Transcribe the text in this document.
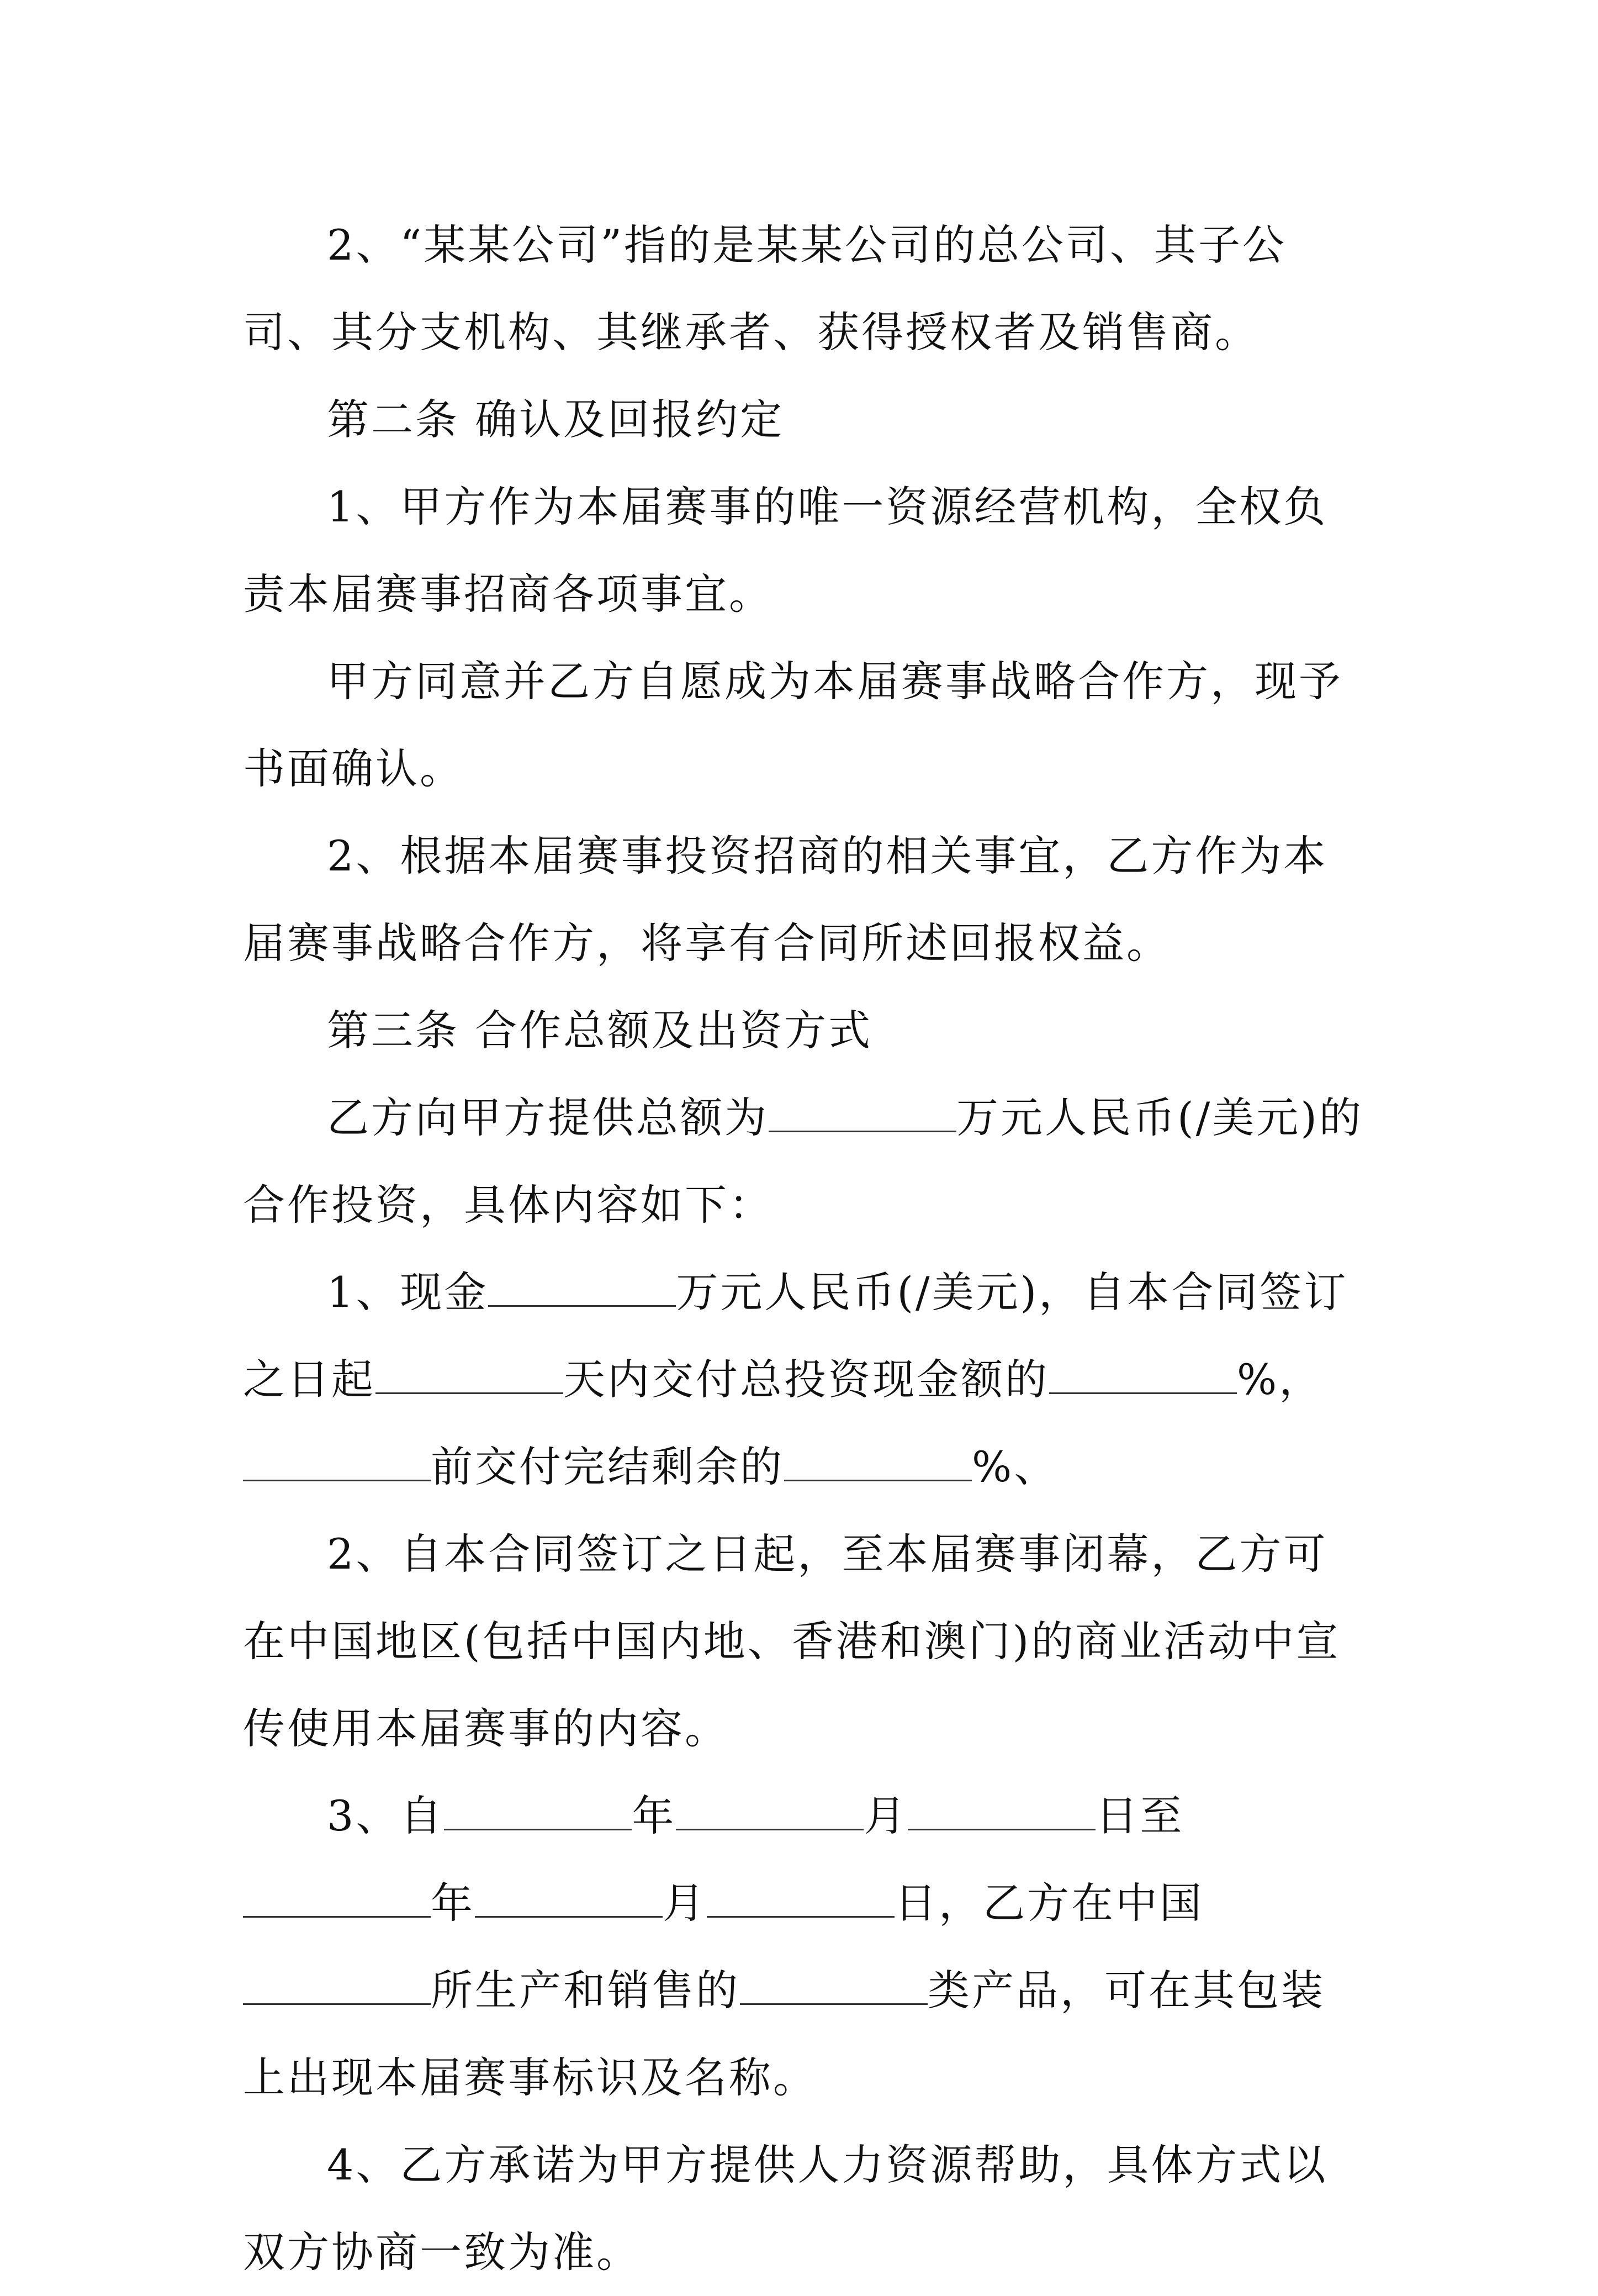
2、“某某公司”指的是某某公司的总公司、其子公司、其分支机构、其继承者、获得授权者及销售商。

第二条 确认及回报约定

1、甲方作为本届赛事的唯一资源经营机构，全权负责本届赛事招商各项事宜。

甲方同意并乙方自愿成为本届赛事战略合作方，现予书面确认。

2、根据本届赛事投资招商的相关事宜，乙方作为本届赛事战略合作方，将享有合同所述回报权益。

第三条 合作总额及出资方式

乙方向甲方提供总额为	万元人民币(/美元)的合作投资，具体内容如下：

1、现金	万元人民币(/美元)，自本合同签订之日起	天内交付总投资现金额的	%，前交付完结剩余的	%、

2、自本合同签订之日起，至本届赛事闭幕，乙方可在中国地区(包括中国内地、香港和澳门)的商业活动中宣传使用本届赛事的内容。

3、自	年	月	日至年	月	日，乙方在中国所生产和销售的	类产品，可在其包装上出现本届赛事标识及名称。

4、乙方承诺为甲方提供人力资源帮助，具体方式以双方协商一致为准。
